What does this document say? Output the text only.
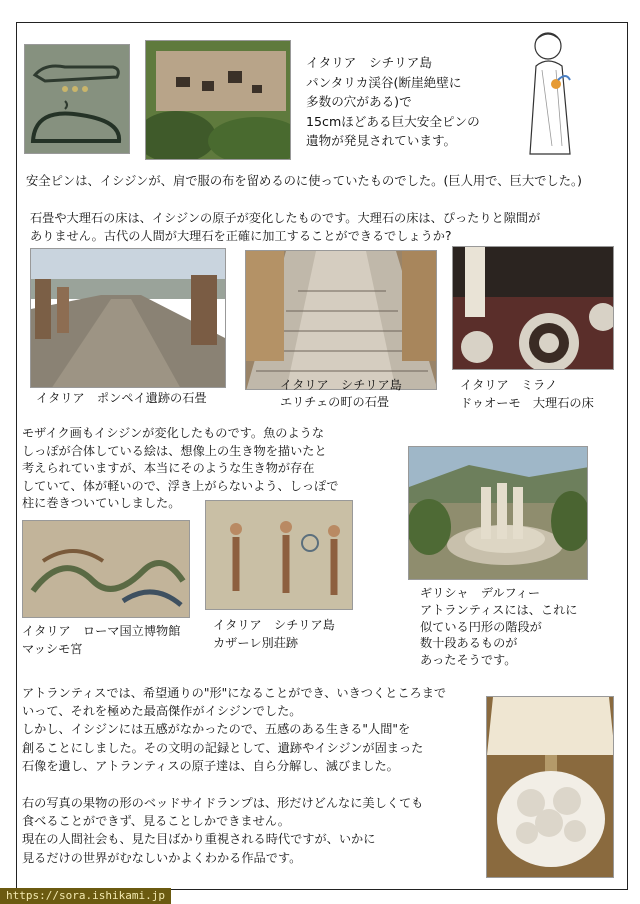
イタリア　シチリア島
パンタリカ渓谷(断崖絶壁に
多数の穴がある)で
15cmほどある巨大安全ピンの
遺物が発見されています。
安全ピンは、イシジンが、肩で服の布を留めるのに使っていたものでした。(巨人用で、巨大でした。)
石畳や大理石の床は、イシジンの原子が変化したものです。大理石の床は、ぴったりと隙間が
ありません。古代の人間が大理石を正確に加工することができるでしょうか?
イタリア　ポンペイ遺跡の石畳
イタリア　シチリア島
エリチェの町の石畳
イタリア　ミラノ
ドゥオーモ　大理石の床
モザイク画もイシジンが変化したものです。魚のような
しっぽが合体している絵は、想像上の生き物を描いたと
考えられていますが、本当にそのような生き物が存在
していて、体が軽いので、浮き上がらないよう、しっぽで
柱に巻きついていしました。
イタリア　ローマ国立博物館
マッシモ宮
イタリア　シチリア島
カザーレ別荘跡
ギリシャ　デルフィー
アトランティスには、これに
似ている円形の階段が
数十段あるものが
あったそうです。
アトランティスでは、希望通りの"形"になることができ、いきつくところまで
いって、それを極めた最高傑作がイシジンでした。
しかし、イシジンには五感がなかったので、五感のある生きる"人間"を
創ることにしました。その文明の記録として、遺跡やイシジンが固まった
石像を遺し、アトランティスの原子達は、自ら分解し、滅びました。
右の写真の果物の形のベッドサイドランプは、形だけどんなに美しくても
食べることができず、見ることしかできません。
現在の人間社会も、見た目ばかり重視される時代ですが、いかに
見るだけの世界がむなしいかよくわかる作品です。
https://sora.ishikami.jp
